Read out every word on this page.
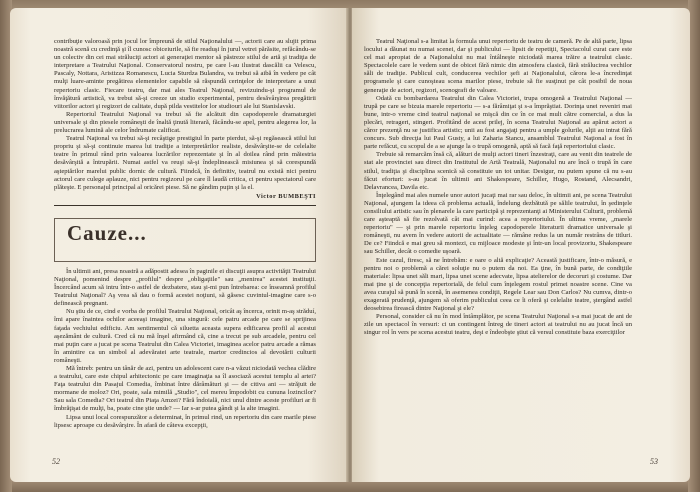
contribuţie valoroasă prin jocul lor împreună de stilul Naţionalului —, actorii care au slujit prima noastră scenă cu credinţă şi îl cunosc obiceiurile, să fie readuşi în jurul vetrei părăsite, refăcându-se un colectiv din cei mai străluciţi actori ai generaţiei mentor să păstreze stilul de artă şi tradiţia de interpretare a Teatrului Naţional. Conservatorul nostru, pe care l-au ilustrat dascălii ca Velescu, Pascaly, Nottara, Aristizza Romanescu, Lucia Sturdza Bulandra, va trebui să aibă în vedere pe cât mulţi luare-aminte pregătirea elementelor capabile să răspundă cerinţelor de interpretare a unui repertoriu clasic. Fiecare teatru, dar mai ales Teatrul Naţional, revizuindu-şi programul de învăţătură artistică, va trebui să-şi creeze un studio experimental, pentru desăvârşirea pregătirii viitorilor actori şi regizori de calitate, după pilda vestitelor lor studiouri ale lui Stanislavski.

Repertoriul Teatrului Naţional va trebui să fie alcătuit din capodoperele dramaturgiei universale şi din piesele româneşti de înaltă ţinută literară, făcându-se apel, pentru alegerea lor, la prelucrarea lumină ale celor îndrumate calificat.

Teatrul Naţional va trebui să-şi recâştige prestigiul în parte pierdut, să-şi regăsească stilul lui propriu şi să-şi continuie marea lui tradiţie a interpretărilor realiste, desăvârşite-se de celelalte teatre în primul rând prin valoarea lucrărilor reprezentate şi în al doilea rând prin măiestria desăvârşită a întrupării. Numai astfel va reuşi să-şi îndeplinească misiunea şi să corespundă aşteptărilor marelui public dornic de cultură. Fiindcă, în definitiv, teatrul nu există nici pentru actorul care culege aplauze, nici pentru regizorul pe care îl laudă critica, ci pentru spectatorul care plăteşte. E personajul principal al oricărei piese. Să ne gândim puţin şi la el.

Victor BUMBEŞTI
Cauze...

În ultimii ani, presa noastră a adăpostit adesea în paginile ei discuţii asupra activităţii Teatrului Naţional, pomenind despre „profilul" despre „obligaţiile" sau „menirea" acestei instituţii. Încercând acum să intru într-o astfel de dezbatere, stau şi-mi pun întrebarea: ce înseamnă profilul Teatrului Naţional? Aş vrea să dau o formă acestei noţiuni, să găsesc cuvintul-imagine care s-o definească pregnant.

Nu ştiu de ce, cind e vorba de profilul Teatrului Naţional, oricât aş încerca, orinit m-aş străduí, îmi apare înaintea ochilor aceeaşi imagine, una singură: cele patru arcade pe care se sprijinea faţada vechiului edificiu. Am sentimentul că siluetta aceasta supera edificarea profil al acestui aşezământ de cultură. Cred că nu mă înşel afirmând că, cine a trecut pe sub arcadele, pentru cel mai puţin care a jucat pe scena Teatrului din Calea Victoriei, imaginea acelor patru arcade a rămas în amintire ca un simbol al adevăratei arte teatrale, martor credincios al devotării culturii româneşti.

Mă întreb: pentru un tânăr de azi, pentru un adolescent care n-a văzut niciodată vechea clădire a teatrului, care este chipul arhitectonic pe care imaginaţia sa îl asociază acestui templu al artei? Faţa teatrului din Pasajul Comedia, îmbinat între dărâmături şi — de citiva ani — străjuit de mormane de moloz? Ori, poate, sala mimilă „Studio", cel mereu împodobit cu cununa lozincilor? Sau sala Comedia? Ori teatrul din Piaţa Amzei? Fără îndoială, nici unul dintre aceste profiluri ar fi îmbrăţişat de mulţi, ba, poate cine ştie unde? — Iar s-ar putea gândi şi la alte imagini.

Lipsa unui local corespunzător a determinat, în primul rind, un repertoriu din care marile piese lipsesc aproape cu desăvârşire. În afară de câteva excepţii,

52

Teatrul Naţional s-a limitat la formula unui repertoriu de teatru de cameră. Pe de altă parte, lipsa locului a dăunat nu numai scenei, dar şi publicului — lipsit de repetiţii, Spectacolul curat care este cel mai apropiat de a Naţionalului nu mai întâlneşte niciodată marea trăire a teatrului clasic. Spectacolele care le vedem sunt de obicei fără nimic din atmosfera clasică, fără strălucirea vechilor săli de tradiţie. Publicul cult, conducerea vechilor şefi ai Naţionalului, cărora le-a încredinţat programele şi care cunoşteau scena marilor piese, trebuie să fie susţinut pe cât posibil de noua generaţie de actori, regizori, scenografi de valoare.

Odată cu bombardarea Teatrului din Calea Victoriei, trupa omogenă a Teatrului Naţional — trupă pe care se bizuia marele repertoriu — s-a fărâmiţat şi s-a împrăştiat. Dorinţa unei reveniri mai bune, intr-o vreme cind teatrul naţional se mişcă din ce în ce mai mult către comercial, a dus la plecări, retrageri, stingeri. Profitând de acest prilej, în scena Teatrului Naţional au apărut actori a căror prezenţă nu se justifica artistic; unii au fost angajaţi pentru a umple golurile, alţii au intrat fără concurs. Sub direcţia lui Paul Gusty, a lui Zaharia Stancu, ansamblul Teatrului Naţional a fost în parte refăcut, cu scopul de a se ajunge la o trupă omogenă, aptă să facă faţă repertoriului clasic.

Trebuie să remarcăm însă că, alături de mulţi actori tineri înzestraţi, care au venit din teatrele de stat ale provinciei sau direct din Institutul de Artă Teatrală, Naţionalul nu are încă o trupă în care stilul, tradiţia şi disciplina scenică să constituie un tot unitar. Desigur, nu putem spune că nu s-au făcut eforturi: s-au jucat în ultimii ani Shakespeare, Schiller, Hugo, Rostand, Alecsandri, Delavrancea, Davila etc.

Înţelegând mai ales numele unor autori jucaţi mai rar sau deloc, în ultimii ani, pe scena Teatrului Naţional, ajungem la ideea că problema actuală, îndelung dezbătută pe sălile teatrului, în şedinţele consiliului artistic sau în plenarele la care participă şi reprezentanţi ai Ministerului Culturii, problemă care aşteaptă să fie rezolvată cât mai curind: acea a repertoriului. În ultima vreme, „marele repertoriu" — şi prin marele repertoriu înţeleg capodoperele literaturii dramatice universale şi româneşti, nu avem în vedere autorii de actualitate — rămâne redus la un număr restrâns de titluri. De ce? Fiindcă e mai greu să montezi, cu mijloace modeste şi într-un local provizoriu, Shakespeare sau Schiller, decât o comedie uşoară.

Este cazul, firesc, să ne întrebăm: e oare o altă explicaţie? Această justificare, într-o măsură, e pentru noi o problemă a cărei soluţie nu o putem da noi. Ea ţine, în bună parte, de condiţiile materiale: lipsa unei săli mari, lipsa unei scene adecvate, lipsa atelierelor de decoruri şi costume. Dar mai ţine şi de concepţia repertorială, de felul cum înţelegem rostul primei noastre scene. Cine va avea curajul să pună în scenă, în asemenea condiţii, Regele Lear sau Don Carlos? Nu cumva, dintr-o exagerată prudenţă, ajungem să oferim publicului ceea ce îi oferă şi celelalte teatre, ştergând astfel deosebirea firească dintre Naţional şi ele?

Personal, consider că nu în mod întâmplător, pe scena Teatrului Naţional s-a mai jucat de ani de zile un spectacol în versuri: ci un contingent întreg de tineri actori ai teatrului nu au jucat încă un singur rol în vers pe scena acestui teatru, deşi e îndeobşte ştiut că versul constituie baza exerciţiilor

53
